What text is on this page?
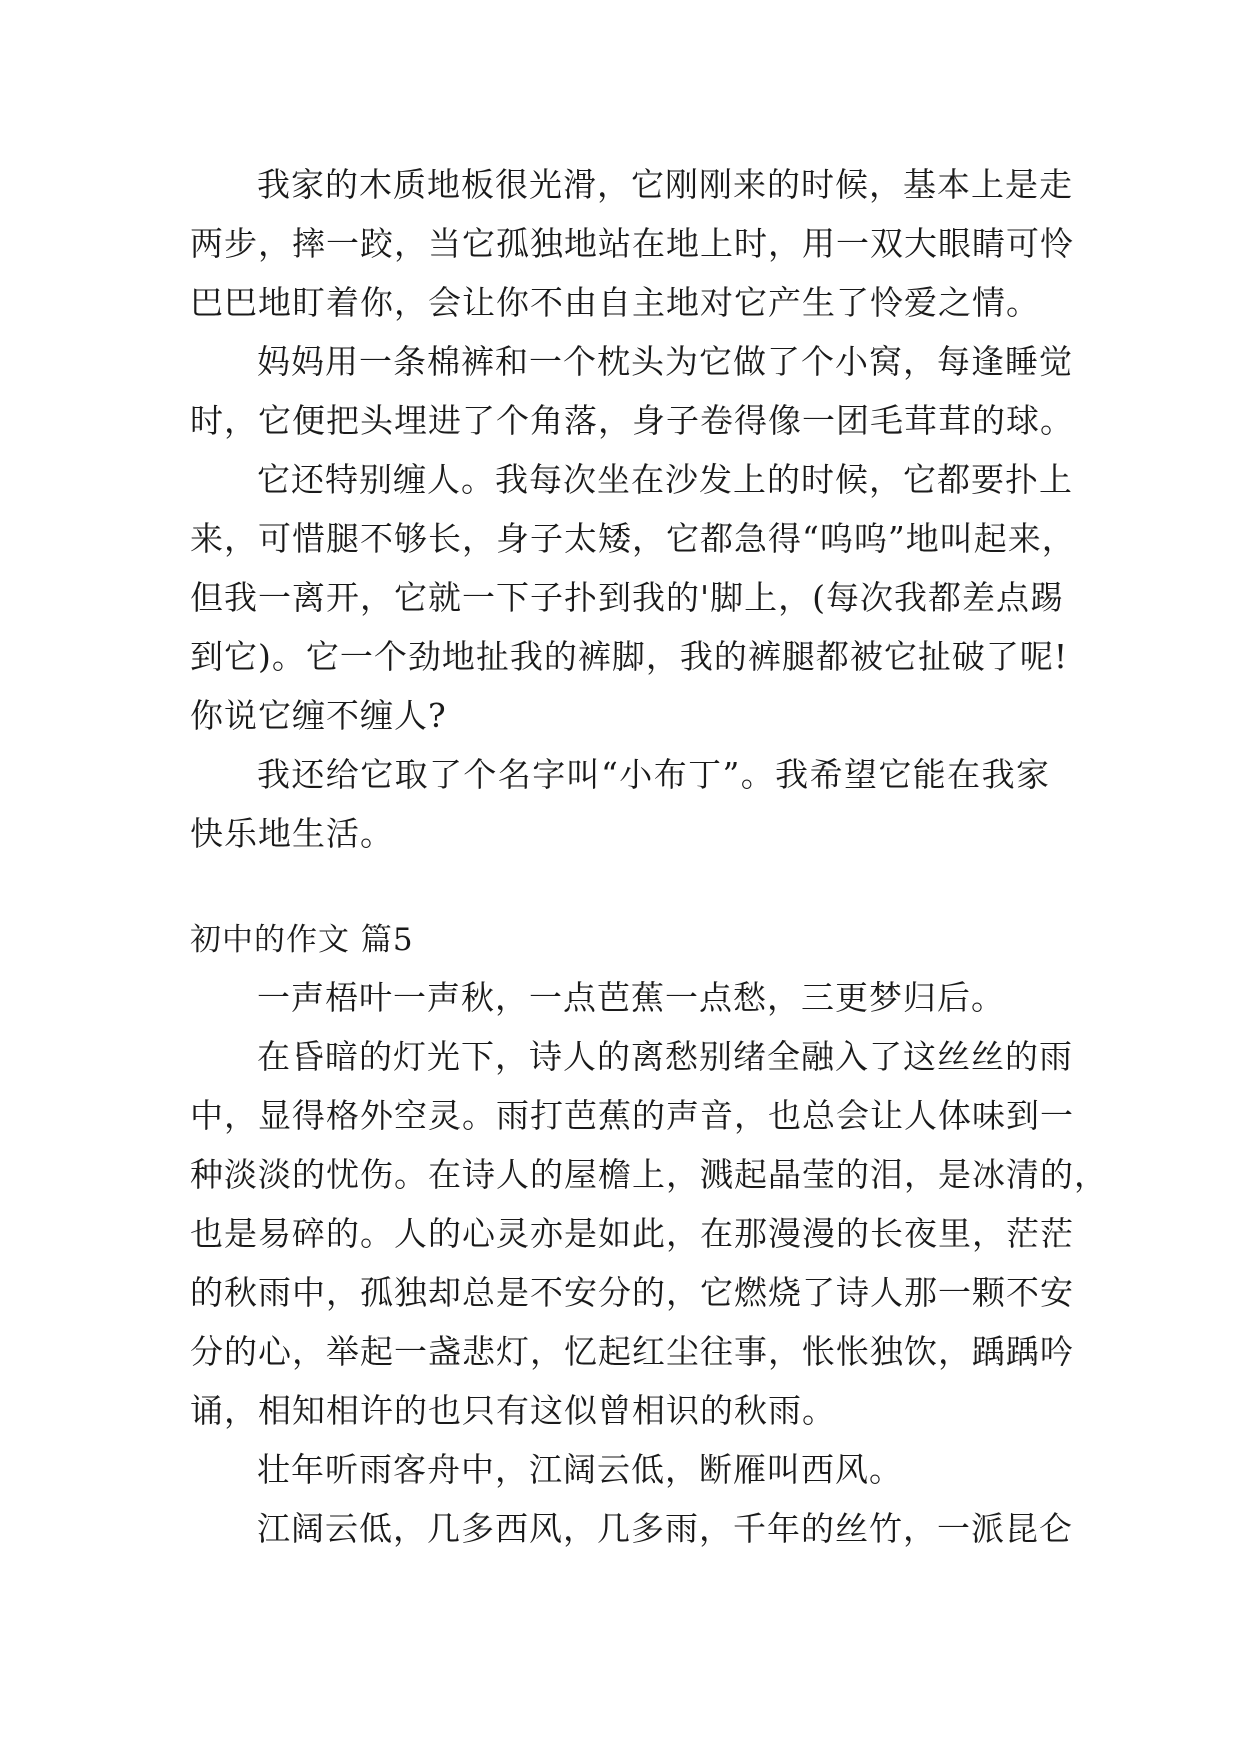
我家的木质地板很光滑，它刚刚来的时候，基本上是走
两步，摔一跤，当它孤独地站在地上时，用一双大眼睛可怜
巴巴地盯着你，会让你不由自主地对它产生了怜爱之情。
妈妈用一条棉裤和一个枕头为它做了个小窝，每逢睡觉
时，它便把头埋进了个角落，身子卷得像一团毛茸茸的球。
它还特别缠人。我每次坐在沙发上的时候，它都要扑上
来，可惜腿不够长，身子太矮，它都急得“呜呜”地叫起来，
但我一离开，它就一下子扑到我的'脚上，(每次我都差点踢
到它)。它一个劲地扯我的裤脚，我的裤腿都被它扯破了呢!
你说它缠不缠人?
我还给它取了个名字叫“小布丁”。我希望它能在我家
快乐地生活。
初中的作文 篇5
一声梧叶一声秋，一点芭蕉一点愁，三更梦归后。
在昏暗的灯光下，诗人的离愁别绪全融入了这丝丝的雨
中，显得格外空灵。雨打芭蕉的声音，也总会让人体味到一
种淡淡的忧伤。在诗人的屋檐上，溅起晶莹的泪，是冰清的，
也是易碎的。人的心灵亦是如此，在那漫漫的长夜里，茫茫
的秋雨中，孤独却总是不安分的，它燃烧了诗人那一颗不安
分的心，举起一盏悲灯，忆起红尘往事，怅怅独饮，踽踽吟
诵，相知相许的也只有这似曾相识的秋雨。
壮年听雨客舟中，江阔云低，断雁叫西风。
江阔云低，几多西风，几多雨，千年的丝竹，一派昆仑
